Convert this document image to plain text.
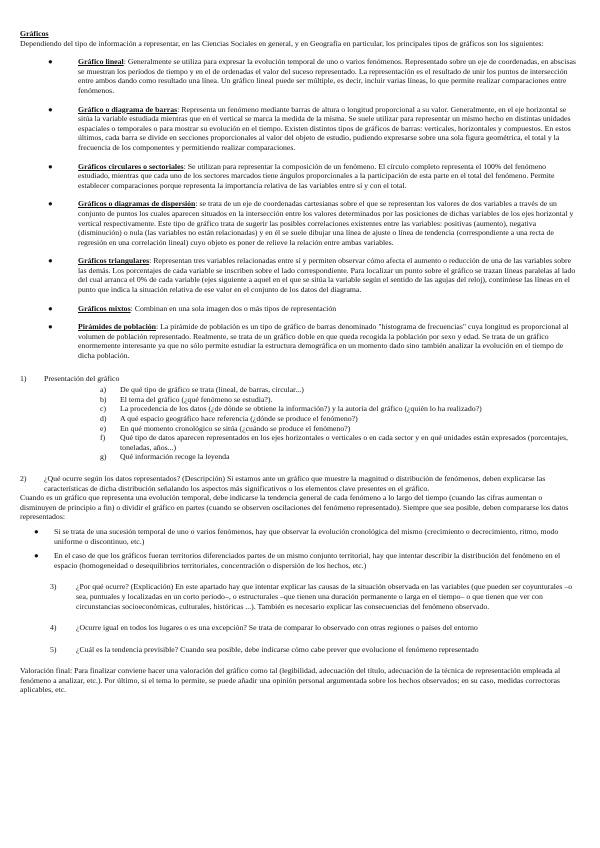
Gráficos

Dependiendo del tipo de información a representar, en las Ciencias Sociales en general, y en Geografía en particular, los principales tipos de gráficos son los siguientes:

●	Gráfico lineal: Generalmente se utiliza para expresar la evolución temporal de uno o varios fenómenos. Representado sobre un eje de coordenadas, en abscisas se muestran los períodos de tiempo y en el de ordenadas el valor del suceso representado. La representación es el resultado de unir los puntos de intersección entre ambos dando como resultado una línea. Un gráfico lineal puede ser múltiple, es decir, incluir varias líneas, lo que permite realizar comparaciones entre fenómenos.
●	Gráfico o diagrama de barras: Representa un fenómeno mediante barras de altura o longitud proporcional a su valor. Generalmente, en el eje horizontal se sitúa la variable estudiada mientras que en el vertical se marca la medida de la misma. Se suele utilizar para representar un mismo hecho en distintas unidades espaciales o temporales o para mostrar su evolución en el tiempo. Existen distintos tipos de gráficos de barras: verticales, horizontales y compuestos. En estos últimos, cada barra se divide en secciones proporcionales al valor del objeto de estudio, pudiendo expresarse sobre una sola figura geométrica, el total y la frecuencia de los componentes y permitiendo realizar comparaciones.
●	Gráficos circulares o sectoriales: Se utilizan para representar la composición de un fenómeno. El círculo completo representa el 100% del fenómeno estudiado, mientras que cada uno de los sectores marcados tiene ángulos proporcionales a la participación de esta parte en el total del fenómeno. Permite establecer comparaciones porque representa la importancia relativa de las variables entre sí y con el total.
●	Gráficos o diagramas de dispersión: se trata de un eje de coordenadas cartesianas sobre el que se representan los valores de dos variables a través de un conjunto de puntos los cuales aparecen situados en la intersección entre los valores determinados por las posiciones de dichas variables de los ejes horizontal y vertical respectivamente. Este tipo de gráfico trata de sugerir las posibles correlaciones existentes entre las variables: positivas (aumento), negativa (disminución) o nula (las variables no están relacionadas) y en él se suele dibujar una línea de ajuste o línea de tendencia (correspondiente a una recta de regresión en una correlación lineal) cuyo objeto es poner de relieve la relación entre ambas variables.
●	Gráficos triangulares: Representan tres variables relacionadas entre sí y permiten observar cómo afecta el aumento o reducción de una de las variables sobre las demás. Los porcentajes de cada variable se inscriben sobre el lado correspondiente. Para localizar un punto sobre el gráfico se trazan líneas paralelas al lado del cual arranca el 0% de cada variable (ejes siguiente a aquel en el que se sitúa la variable según el sentido de las agujas del reloj), continúese las líneas en el punto que indica la situación relativa de ese valor en el conjunto de los datos del diagrama.
●	Gráficos mixtos: Combinan en una sola imagen dos o más tipos de representación
●	Pirámides de población: La pirámide de población es un tipo de gráfico de barras denominado "histograma de frecuencias" cuya longitud es proporcional al volumen de población representado. Realmente, se trata de un gráfico doble en que queda recogida la población por sexo y edad. Se trata de un gráfico enormemente interesante ya que no sólo permite estudiar la estructura demográfica en un momento dado sino también analizar la evolución en el tiempo de dicha población.
1) Presentación del gráfico
a) De qué tipo de gráfico se trata (lineal, de barras, circular...)
b) El tema del gráfico (¿qué fenómeno se estudia?).
c) La procedencia de los datos (¿de dónde se obtiene la información?) y la autoría del gráfico (¿quién lo ha realizado?)
d) A qué espacio geográfico hace referencia (¿dónde se produce el fenómeno?)
e) En qué momento cronológico se sitúa (¿cuándo se produce el fenómeno?)
f) Qué tipo de datos aparecen representados en los ejes horizontales o verticales o en cada sector y en qué unidades están expresados (porcentajes, toneladas, años...)
g) Qué información recoge la leyenda
2) ¿Qué ocurre según los datos representados? (Descripción) Si estamos ante un gráfico que muestre la magnitud o distribución de fenómenos, deben explicarse las características de dicha distribución señalando los aspectos más significativos o los elementos clave presentes en el gráfico.

Cuando es un gráfico que representa una evolución temporal, debe indicarse la tendencia general de cada fenómeno a lo largo del tiempo (cuando las cifras aumentan o disminuyen de principio a fin) o dividir el gráfico en partes (cuando se observen oscilaciones del fenómeno representado). Siempre que sea posible, deben compararse los datos representados:

● Si se trata de una sucesión temporal de uno o varios fenómenos, hay que observar la evolución cronológica del mismo (crecimiento o decrecimiento, ritmo, modo uniforme o discontinuo, etc.)
● En el caso de que los gráficos fueran territorios diferenciados partes de un mismo conjunto territorial, hay que intentar describir la distribución del fenómeno en el espacio (homogeneidad o desequilibrios territoriales, concentración o dispersión de los hechos, etc.)
3)	¿Por qué ocurre? (Explicación) En este apartado hay que intentar explicar las causas de la situación observada en las variables (que pueden ser coyunturales –o sea, puntuales y localizadas en un corto periodo–, o estructurales –que tienen una duración permanente o larga en el tiempo– o que tienen que ver con circunstancias socioeconómicas, culturales, históricas ...). También es necesario explicar las consecuencias del fenómeno observado.
4)	¿Ocurre igual en todos los lugares o es una excepción? Se trata de comparar lo observado con otras regiones o países del entorno
5)	¿Cuál es la tendencia previsible? Cuando sea posible, debe indicarse cómo cabe prever que evolucione el fenómeno representado

Valoración final: Para finalizar conviene hacer una valoración del gráfico como tal (legibilidad, adecuación del título, adecuación de la técnica de representación empleada al fenómeno a analizar, etc.). Por último, si el tema lo permite, se puede añadir una opinión personal argumentada sobre los hechos observados; en su caso, medidas correctoras aplicables, etc.
